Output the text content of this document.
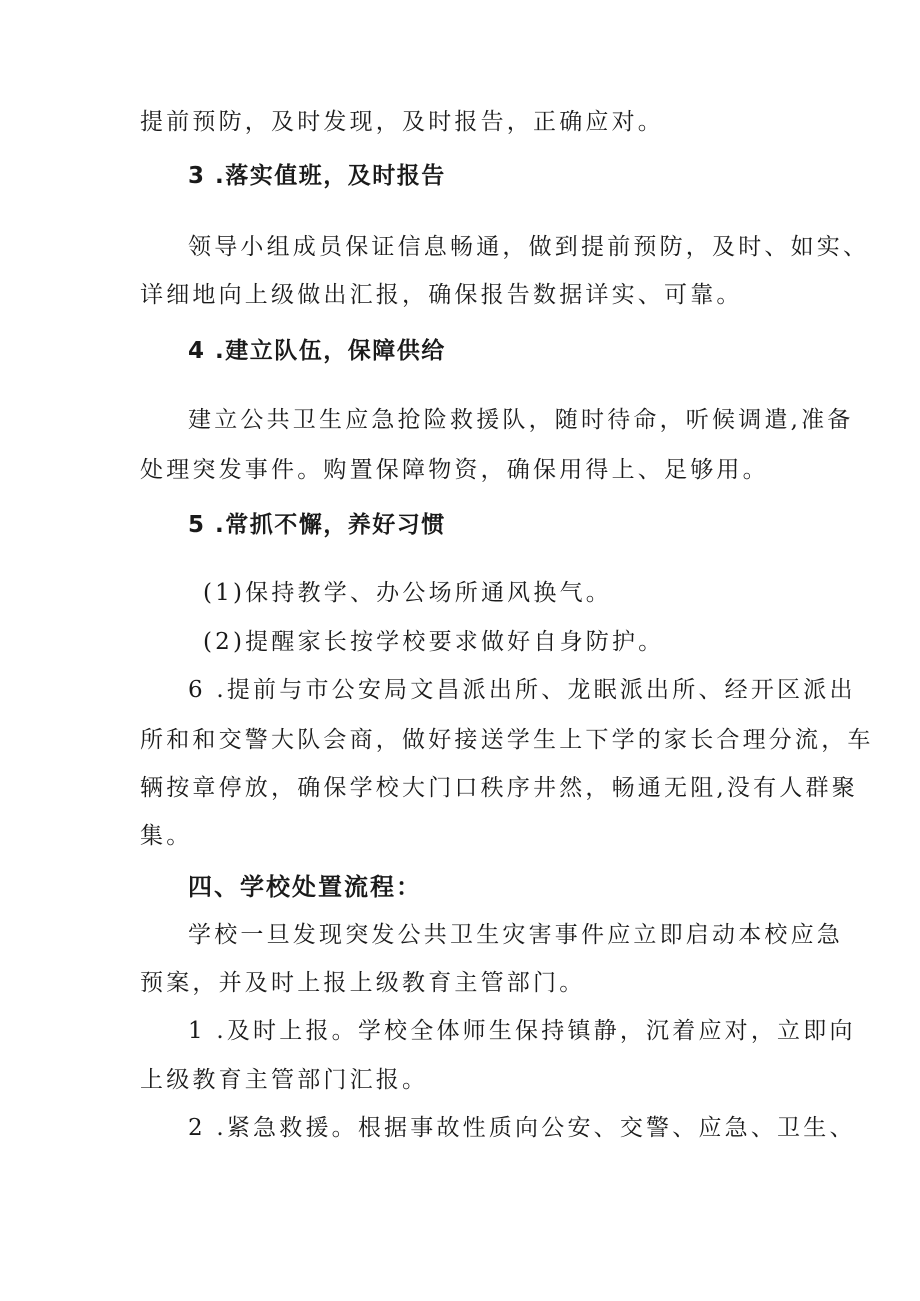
提前预防，及时发现，及时报告，正确应对。
3 .落实值班，及时报告
领导小组成员保证信息畅通，做到提前预防，及时、如实、
详细地向上级做出汇报，确保报告数据详实、可靠。
4 .建立队伍，保障供给
建立公共卫生应急抢险救援队，随时待命，听候调遣,准备
处理突发事件。购置保障物资，确保用得上、足够用。
5 .常抓不懈，养好习惯
(1)保持教学、办公场所通风换气。
(2)提醒家长按学校要求做好自身防护。
6 .提前与市公安局文昌派出所、龙眠派出所、经开区派出
所和和交警大队会商，做好接送学生上下学的家长合理分流，车
辆按章停放，确保学校大门口秩序井然，畅通无阻,没有人群聚
集。
四、学校处置流程：
学校一旦发现突发公共卫生灾害事件应立即启动本校应急
预案，并及时上报上级教育主管部门。
1 .及时上报。学校全体师生保持镇静，沉着应对，立即向
上级教育主管部门汇报。
2 .紧急救援。根据事故性质向公安、交警、应急、卫生、
